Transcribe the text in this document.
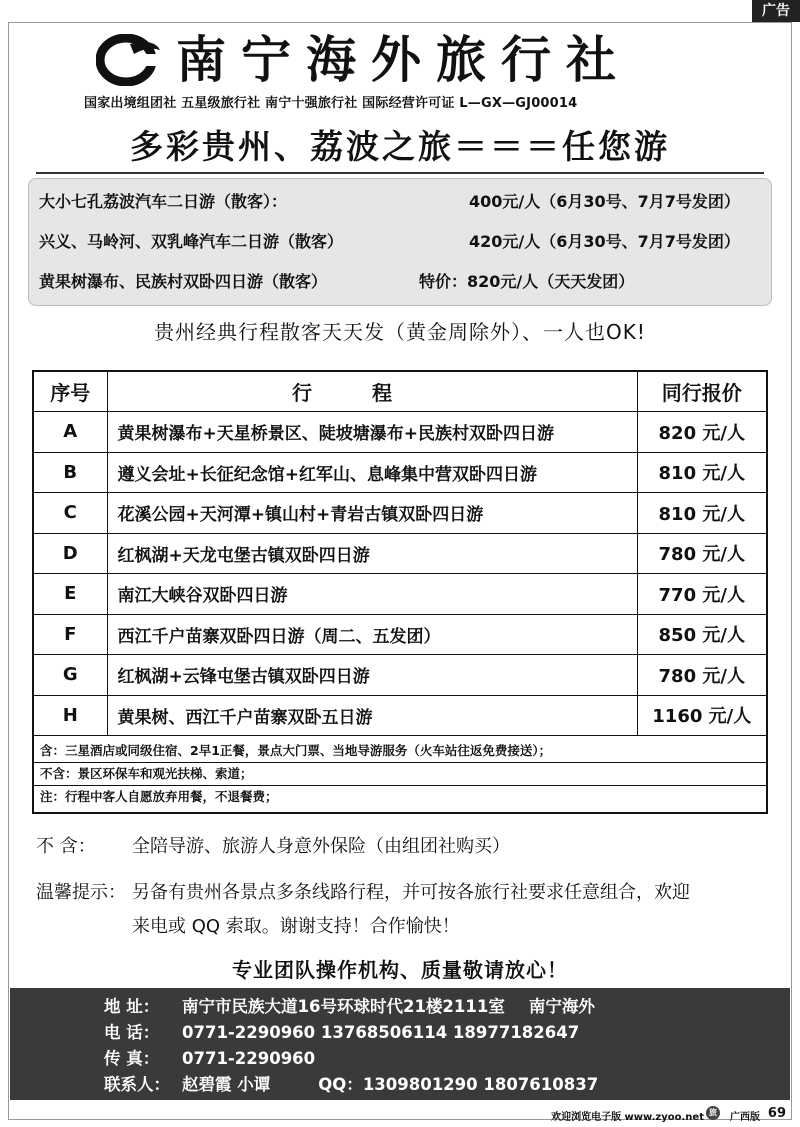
广告
南宁海外旅行社
国家出境组团社 五星级旅行社 南宁十强旅行社 国际经营许可证 L—GX—GJ00014
多彩贵州、荔波之旅＝＝＝任您游
大小七孔荔波汽车二日游（散客）：	400元/人（6月30号、7月7号发团）
兴义、马岭河、双乳峰汽车二日游（散客）	420元/人（6月30号、7月7号发团）
黄果树瀑布、民族村双卧四日游（散客）	特价：820元/人（天天发团）
贵州经典行程散客天天发（黄金周除外）、一人也OK!
序号	行程	同行报价
A	黄果树瀑布+天星桥景区、陡坡塘瀑布+民族村双卧四日游	820 元/人
B	遵义会址+长征纪念馆+红军山、息峰集中营双卧四日游	810 元/人
C	花溪公园+天河潭+镇山村+青岩古镇双卧四日游	810 元/人
D	红枫湖+天龙屯堡古镇双卧四日游	780 元/人
E	南江大峡谷双卧四日游	770 元/人
F	西江千户苗寨双卧四日游（周二、五发团）	850 元/人
G	红枫湖+云锋屯堡古镇双卧四日游	780 元/人
H	黄果树、西江千户苗寨双卧五日游	1160 元/人

含：三星酒店或同级住宿、2早1正餐，景点大门票、当地导游服务（火车站往返免费接送）；
不含：景区环保车和观光扶梯、索道；
注：行程中客人自愿放弃用餐，不退餐费；		
不 含： 全陪导游、旅游人身意外保险（由组团社购买）
温馨提示： 另备有贵州各景点多条线路行程，并可按各旅行社要求任意组合，欢迎
来电或 QQ 索取。谢谢支持！合作愉快！
专业团队操作机构、质量敬请放心！
地 址： 南宁市民族大道16号环球时代21楼2111室 南宁海外
电 话： 0771-2290960 13768506114 18977182647
传 真： 0771-2290960
联系人： 赵碧霞 小谭	QQ：1309801290 1807610837
欢迎浏览电子版 www.zyoo.net 旅	广西版 69
